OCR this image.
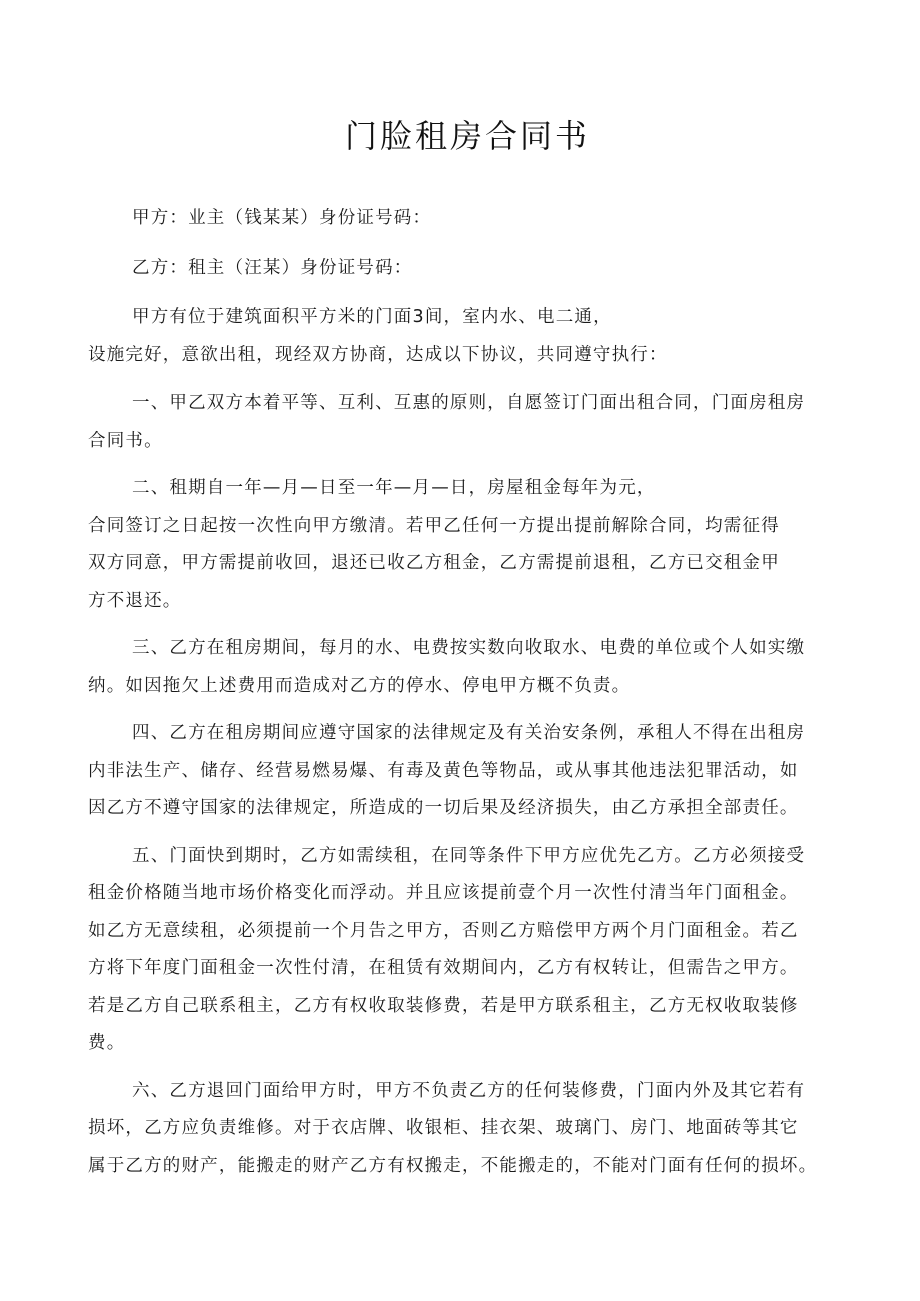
门脸租房合同书

甲方：业主（钱某某）身份证号码：

乙方：租主（汪某）身份证号码：

甲方有位于建筑面积平方米的门面3间，室内水、电二通，
设施完好，意欲出租，现经双方协商，达成以下协议，共同遵守执行：

一、甲乙双方本着平等、互利、互惠的原则，自愿签订门面出租合同，门面房租房
合同书。

二、租期自一年—月—日至一年—月—日，房屋租金每年为元，
合同签订之日起按一次性向甲方缴清。若甲乙任何一方提出提前解除合同，均需征得
双方同意，甲方需提前收回，退还已收乙方租金，乙方需提前退租，乙方已交租金甲
方不退还。

三、乙方在租房期间，每月的水、电费按实数向收取水、电费的单位或个人如实缴
纳。如因拖欠上述费用而造成对乙方的停水、停电甲方概不负责。

四、乙方在租房期间应遵守国家的法律规定及有关治安条例，承租人不得在出租房
内非法生产、储存、经营易燃易爆、有毒及黄色等物品，或从事其他违法犯罪活动，如
因乙方不遵守国家的法律规定，所造成的一切后果及经济损失，由乙方承担全部责任。

五、门面快到期时，乙方如需续租，在同等条件下甲方应优先乙方。乙方必须接受
租金价格随当地市场价格变化而浮动。并且应该提前壹个月一次性付清当年门面租金。
如乙方无意续租，必须提前一个月告之甲方，否则乙方赔偿甲方两个月门面租金。若乙
方将下年度门面租金一次性付清，在租赁有效期间内，乙方有权转让，但需告之甲方。
若是乙方自己联系租主，乙方有权收取装修费，若是甲方联系租主，乙方无权收取装修
费。

六、乙方退回门面给甲方时，甲方不负责乙方的任何装修费，门面内外及其它若有
损坏，乙方应负责维修。对于衣店牌、收银柜、挂衣架、玻璃门、房门、地面砖等其它
属于乙方的财产，能搬走的财产乙方有权搬走，不能搬走的，不能对门面有任何的损坏。
